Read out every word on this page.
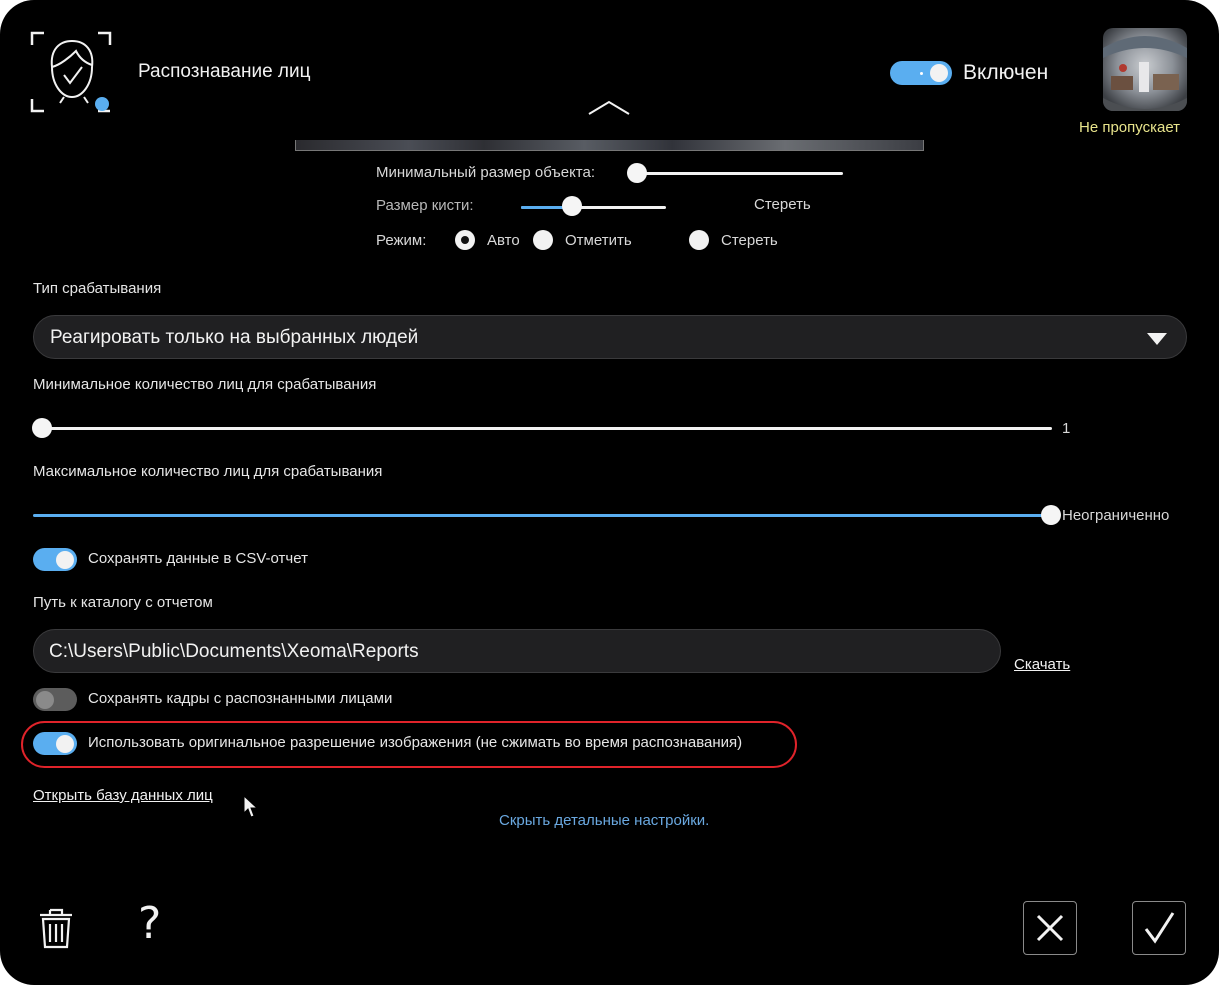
Распознавание лиц	Включен
Не пропускает
Минимальный размер объекта:
Размер кисти:	Стереть
Режим:	Авто	Отметить	Стереть
Тип срабатывания
Реагировать только на выбранных людей
Минимальное количество лиц для срабатывания
1
Максимальное количество лиц для срабатывания
Неограниченно
Сохранять данные в CSV-отчет
Путь к каталогу с отчетом
C:\Users\Public\Documents\Xeoma\Reports
Скачать
Сохранять кадры с распознанными лицами
Использовать оригинальное разрешение изображения (не сжимать во время распознавания)
Открыть базу данных лиц
Скрыть детальные настройки.
?
